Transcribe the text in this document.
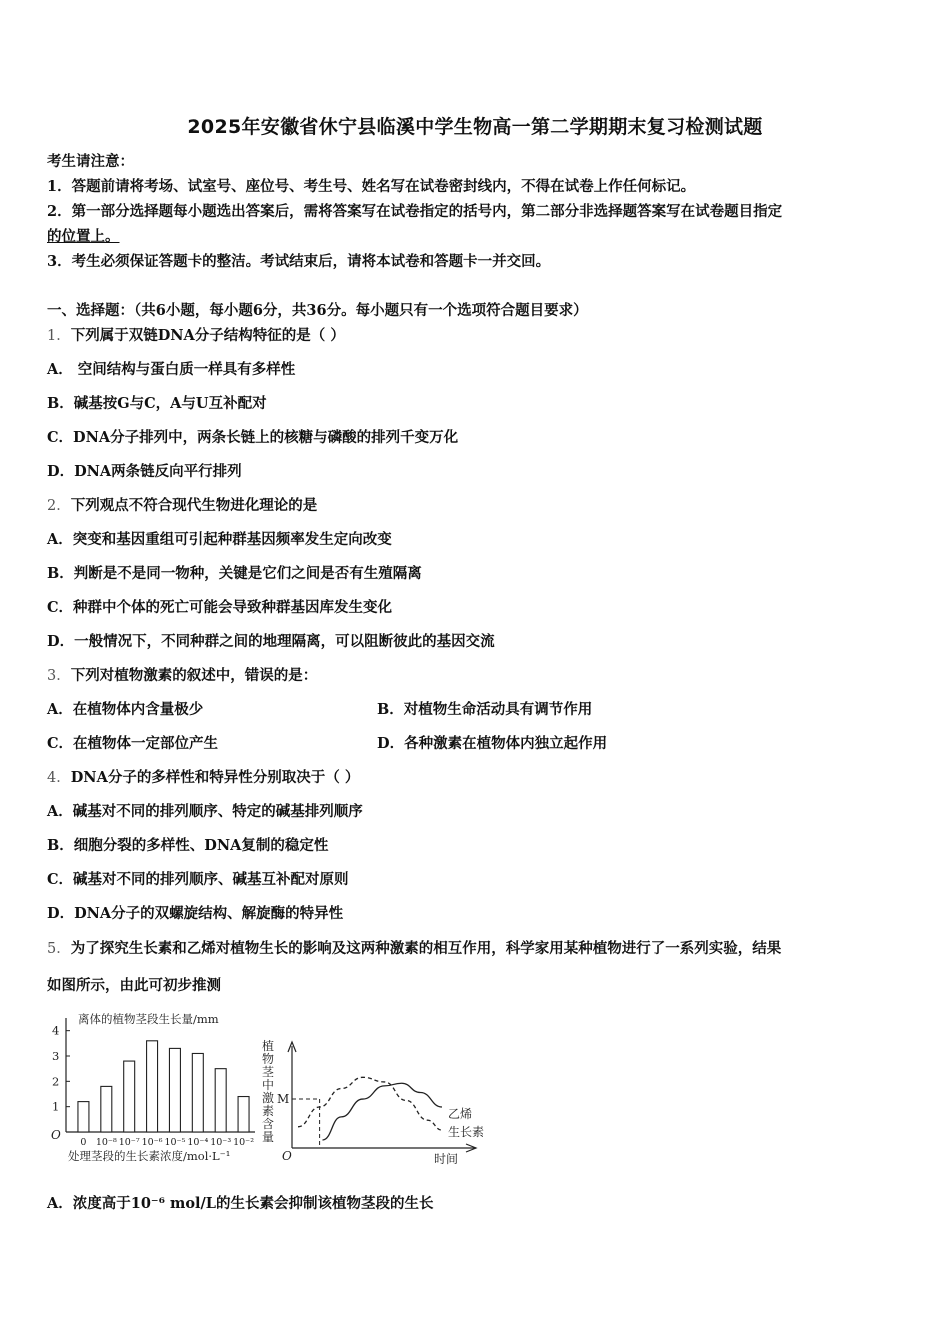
2025年安徽省休宁县临溪中学生物高一第二学期期末复习检测试题
考生请注意：
1．答题前请将考场、试室号、座位号、考生号、姓名写在试卷密封线内，不得在试卷上作任何标记。
2．第一部分选择题每小题选出答案后，需将答案写在试卷指定的括号内，第二部分非选择题答案写在试卷题目指定
的位置上。
3．考生必须保证答题卡的整洁。考试结束后，请将本试卷和答题卡一并交回。
一、选择题：（共6小题，每小题6分，共36分。每小题只有一个选项符合题目要求）
1．下列属于双链DNA分子结构特征的是（ ）
A． 空间结构与蛋白质一样具有多样性
B．碱基按G与C，A与U互补配对
C．DNA分子排列中，两条长链上的核糖与磷酸的排列千变万化
D．DNA两条链反向平行排列
2．下列观点不符合现代生物进化理论的是
A．突变和基因重组可引起种群基因频率发生定向改变
B．判断是不是同一物种，关键是它们之间是否有生殖隔离
C．种群中个体的死亡可能会导致种群基因库发生变化
D．一般情况下，不同种群之间的地理隔离，可以阻断彼此的基因交流
3．下列对植物激素的叙述中，错误的是：
A．在植物体内含量极少	B．对植物生命活动具有调节作用
C．在植物体一定部位产生	D．各种激素在植物体内独立起作用
4．DNA分子的多样性和特异性分别取决于（ ）
A．碱基对不同的排列顺序、特定的碱基排列顺序
B．细胞分裂的多样性、DNA复制的稳定性
C．碱基对不同的排列顺序、碱基互补配对原则
D．DNA分子的双螺旋结构、解旋酶的特异性
5．为了探究生长素和乙烯对植物生长的影响及这两种激素的相互作用，科学家用某种植物进行了一系列实验，结果
如图所示，由此可初步推测
离体的植物茎段生长量/mm
处理茎段的生长素浓度/mol·L⁻¹
O
1
2
3
4
0 10⁻⁸ 10⁻⁷ 10⁻⁶ 10⁻⁵ 10⁻⁴ 10⁻³ 10⁻²
植
物
茎
中
激
素
含
量
时间
O
M
乙烯
生长素
A．浓度高于10⁻⁶ mol/L的生长素会抑制该植物茎段的生长
